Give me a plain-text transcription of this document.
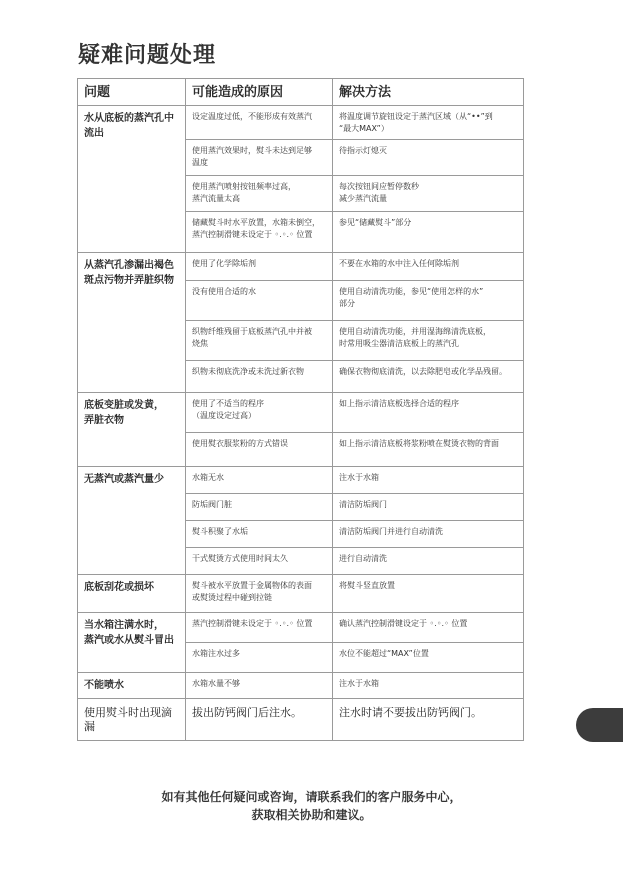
疑难问题处理
问题	可能造成的原因	解决方法
水从底板的蒸汽孔中
流出	设定温度过低，不能形成有效蒸汽	将温度调节旋钮设定于蒸汽区域（从“••”到
“最大MAX”）
	使用蒸汽效果时，熨斗未达到足够
温度	待指示灯熄灭
	使用蒸汽喷射按钮频率过高，
蒸汽流量太高	每次按钮间应暂停数秒
减少蒸汽流量
	储藏熨斗时水平放置，水箱未倒空，
蒸汽控制滑键未设定于 ◦.◦.◦ 位置	参见“储藏熨斗”部分
从蒸汽孔渗漏出褐色
斑点污物并弄脏织物	使用了化学除垢剂	不要在水箱的水中注入任何除垢剂
	没有使用合适的水	使用自动清洗功能，参见“使用怎样的水”
部分
	织物纤维残留于底板蒸汽孔中并被
烧焦	使用自动清洗功能，并用湿海绵清洗底板，
时常用吸尘器清洁底板上的蒸汽孔
	织物未彻底洗净或未洗过新衣物	确保衣物彻底清洗，以去除肥皂或化学品残留。
底板变脏或发黄，
弄脏衣物	使用了不适当的程序
（温度设定过高）	如上指示清洁底板选择合适的程序
	使用熨衣服浆粉的方式错误	如上指示清洁底板将浆粉喷在熨烫衣物的背面
无蒸汽或蒸汽量少	水箱无水	注水于水箱
	防垢阀门脏	清洁防垢阀门
	熨斗积聚了水垢	清洁防垢阀门并进行自动清洗
	干式熨烫方式使用时间太久	进行自动清洗
底板刮花或损坏	熨斗被水平放置于金属物体的表面
或熨烫过程中碰到拉链	将熨斗竖直放置
当水箱注满水时，
蒸汽或水从熨斗冒出	蒸汽控制滑键未设定于 ◦.◦.◦ 位置	确认蒸汽控制滑键设定于 ◦.◦.◦ 位置
	水箱注水过多	水位不能超过“MAX”位置
不能喷水	水箱水量不够	注水于水箱
使用熨斗时出现滴漏	拔出防钙阀门后注水。	注水时请不要拔出防钙阀门。
如有其他任何疑问或咨询，请联系我们的客户服务中心，
获取相关协助和建议。
